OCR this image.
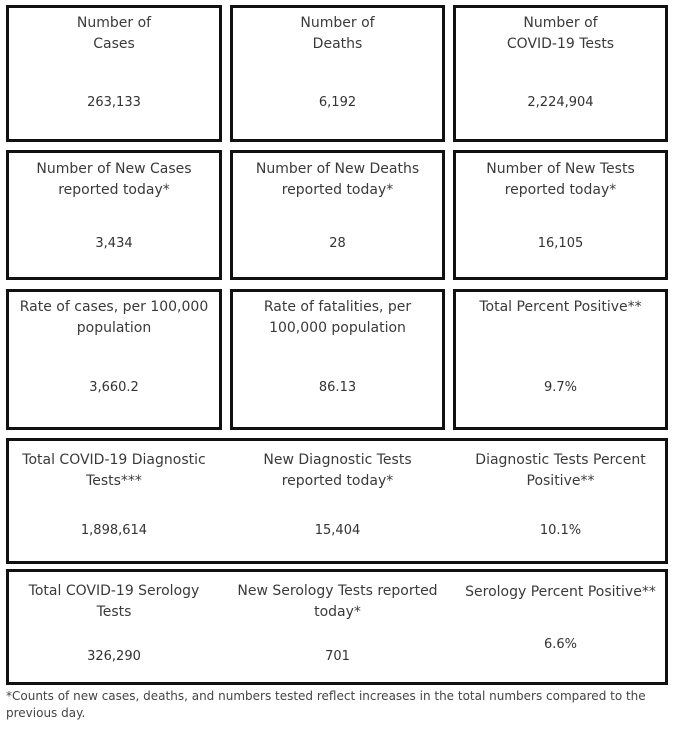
Number of
Cases
263,133
Number of
Deaths
6,192
Number of
COVID-19 Tests
2,224,904
Number of New Cases
reported today*
3,434
Number of New Deaths
reported today*
28
Number of New Tests
reported today*
16,105
Rate of cases, per 100,000
population
3,660.2
Rate of fatalities, per
100,000 population
86.13
Total Percent Positive**
9.7%
Total COVID-19 Diagnostic
Tests***
1,898,614
New Diagnostic Tests
reported today*
15,404
Diagnostic Tests Percent
Positive**
10.1%
Total COVID-19 Serology
Tests
326,290
New Serology Tests reported
today*
701
Serology Percent Positive**
6.6%
*Counts of new cases, deaths, and numbers tested reflect increases in the total numbers compared to the previous day.
